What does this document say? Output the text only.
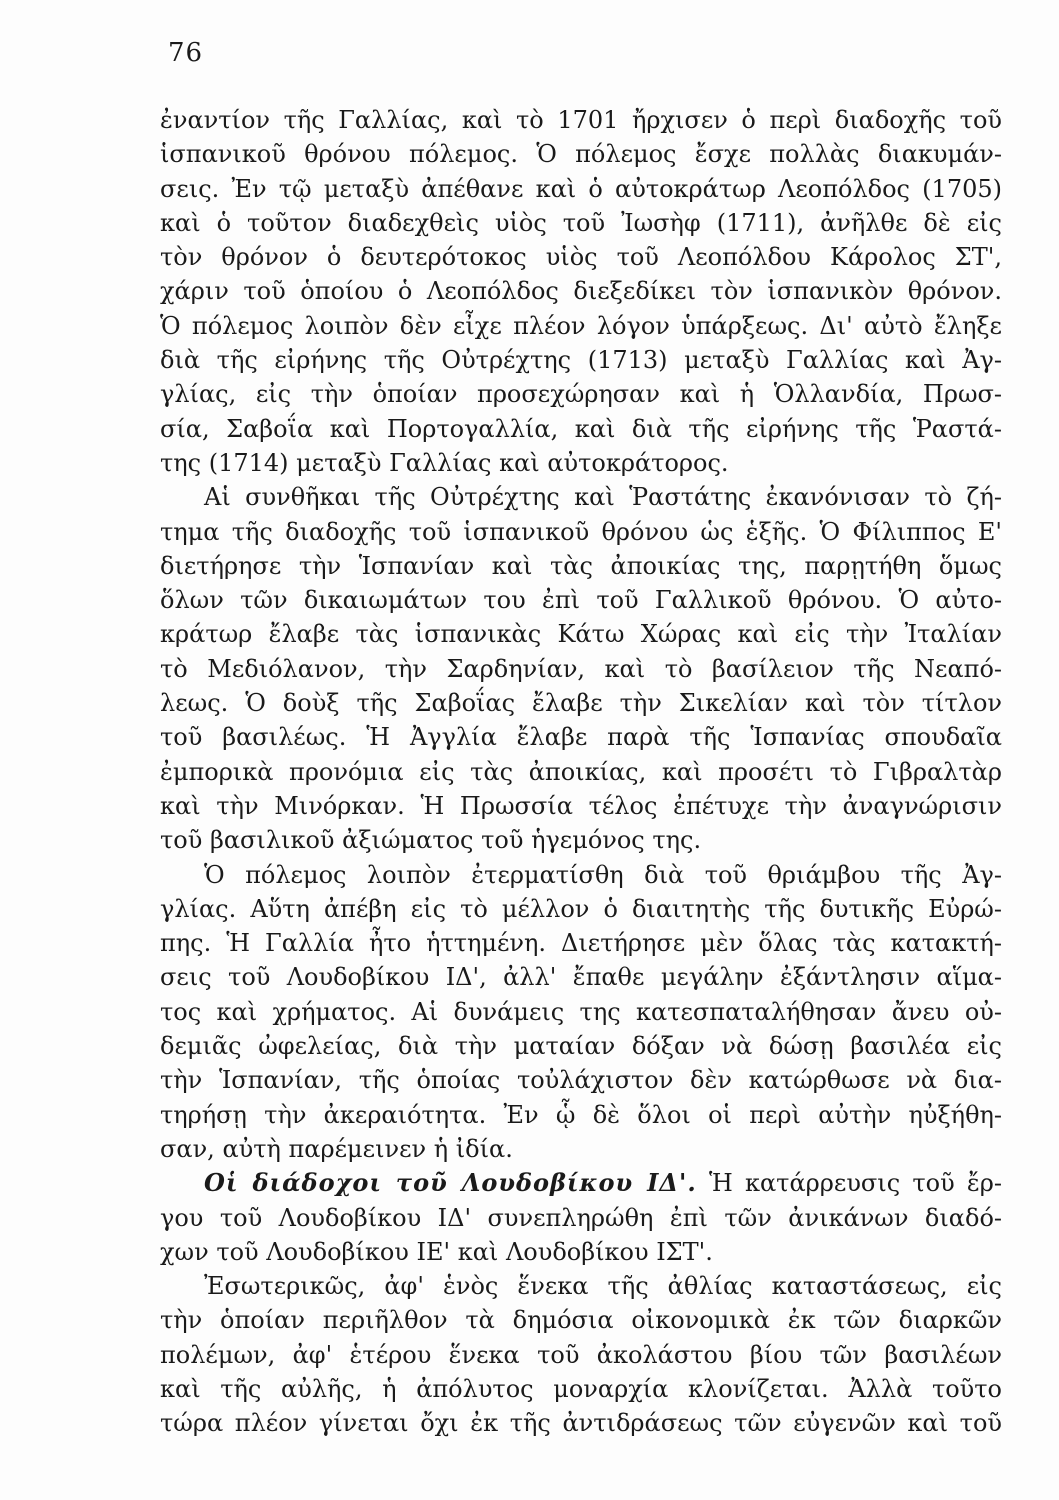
76
ἐναντίον τῆς Γαλλίας, καὶ τὸ 1701 ἤρχισεν ὁ περὶ διαδοχῆς τοῦ
ἱσπανικοῦ θρόνου πόλεμος. Ὁ πόλεμος ἔσχε πολλὰς διακυμάν-
σεις. Ἐν τῷ μεταξὺ ἀπέθανε καὶ ὁ αὐτοκράτωρ Λεοπόλδος (1705)
καὶ ὁ τοῦτον διαδεχθεὶς υἱὸς τοῦ Ἰωσὴφ (1711), ἀνῆλθε δὲ εἰς
τὸν θρόνον ὁ δευτερότοκος υἱὸς τοῦ Λεοπόλδου Κάρολος ΣΤ',
χάριν τοῦ ὁποίου ὁ Λεοπόλδος διεξεδίκει τὸν ἱσπανικὸν θρόνον.
Ὁ πόλεμος λοιπὸν δὲν εἶχε πλέον λόγον ὑπάρξεως. Δι' αὐτὸ ἔληξε
διὰ τῆς εἰρήνης τῆς Οὐτρέχτης (1713) μεταξὺ Γαλλίας καὶ Ἀγ-
γλίας, εἰς τὴν ὁποίαν προσεχώρησαν καὶ ἡ Ὁλλανδία, Πρωσ-
σία, Σαβοΐα καὶ Πορτογαλλία, καὶ διὰ τῆς εἰρήνης τῆς Ῥαστά-
της (1714) μεταξὺ Γαλλίας καὶ αὐτοκράτορος.
Αἱ συνθῆκαι τῆς Οὐτρέχτης καὶ Ῥαστάτης ἐκανόνισαν τὸ ζή-
τημα τῆς διαδοχῆς τοῦ ἱσπανικοῦ θρόνου ὡς ἑξῆς. Ὁ Φίλιππος Ε'
διετήρησε τὴν Ἱσπανίαν καὶ τὰς ἀποικίας της, παρῃτήθη ὅμως
ὅλων τῶν δικαιωμάτων του ἐπὶ τοῦ Γαλλικοῦ θρόνου. Ὁ αὐτο-
κράτωρ ἔλαβε τὰς ἱσπανικὰς Κάτω Χώρας καὶ εἰς τὴν Ἰταλίαν
τὸ Μεδιόλανον, τὴν Σαρδηνίαν, καὶ τὸ βασίλειον τῆς Νεαπό-
λεως. Ὁ δοὺξ τῆς Σαβοΐας ἔλαβε τὴν Σικελίαν καὶ τὸν τίτλον
τοῦ βασιλέως. Ἡ Ἀγγλία ἔλαβε παρὰ τῆς Ἱσπανίας σπουδαῖα
ἐμπορικὰ προνόμια εἰς τὰς ἀποικίας, καὶ προσέτι τὸ Γιβραλτὰρ
καὶ τὴν Μινόρκαν. Ἡ Πρωσσία τέλος ἐπέτυχε τὴν ἀναγνώρισιν
τοῦ βασιλικοῦ ἀξιώματος τοῦ ἡγεμόνος της.
Ὁ πόλεμος λοιπὸν ἐτερματίσθη διὰ τοῦ θριάμβου τῆς Ἀγ-
γλίας. Αὕτη ἀπέβη εἰς τὸ μέλλον ὁ διαιτητὴς τῆς δυτικῆς Εὐρώ-
πης. Ἡ Γαλλία ἦτο ἡττημένη. Διετήρησε μὲν ὅλας τὰς κατακτή-
σεις τοῦ Λουδοβίκου ΙΔ', ἀλλ' ἔπαθε μεγάλην ἐξάντλησιν αἵμα-
τος καὶ χρήματος. Αἱ δυνάμεις της κατεσπαταλήθησαν ἄνευ οὐ-
δεμιᾶς ὠφελείας, διὰ τὴν ματαίαν δόξαν νὰ δώσῃ βασιλέα εἰς
τὴν Ἱσπανίαν, τῆς ὁποίας τοὐλάχιστον δὲν κατώρθωσε νὰ δια-
τηρήσῃ τὴν ἀκεραιότητα. Ἐν ᾧ δὲ ὅλοι οἱ περὶ αὐτὴν ηὐξήθη-
σαν, αὐτὴ παρέμεινεν ἡ ἰδία.
Οἱ διάδοχοι τοῦ Λουδοβίκου ΙΔ'. Ἡ κατάρρευσις τοῦ ἔρ-
γου τοῦ Λουδοβίκου ΙΔ' συνεπληρώθη ἐπὶ τῶν ἀνικάνων διαδό-
χων τοῦ Λουδοβίκου ΙΕ' καὶ Λουδοβίκου ΙΣΤ'.
Ἐσωτερικῶς, ἀφ' ἑνὸς ἕνεκα τῆς ἀθλίας καταστάσεως, εἰς
τὴν ὁποίαν περιῆλθον τὰ δημόσια οἰκονομικὰ ἐκ τῶν διαρκῶν
πολέμων, ἀφ' ἑτέρου ἕνεκα τοῦ ἀκολάστου βίου τῶν βασιλέων
καὶ τῆς αὐλῆς, ἡ ἀπόλυτος μοναρχία κλονίζεται. Ἀλλὰ τοῦτο
τώρα πλέον γίνεται ὄχι ἐκ τῆς ἀντιδράσεως τῶν εὐγενῶν καὶ τοῦ
